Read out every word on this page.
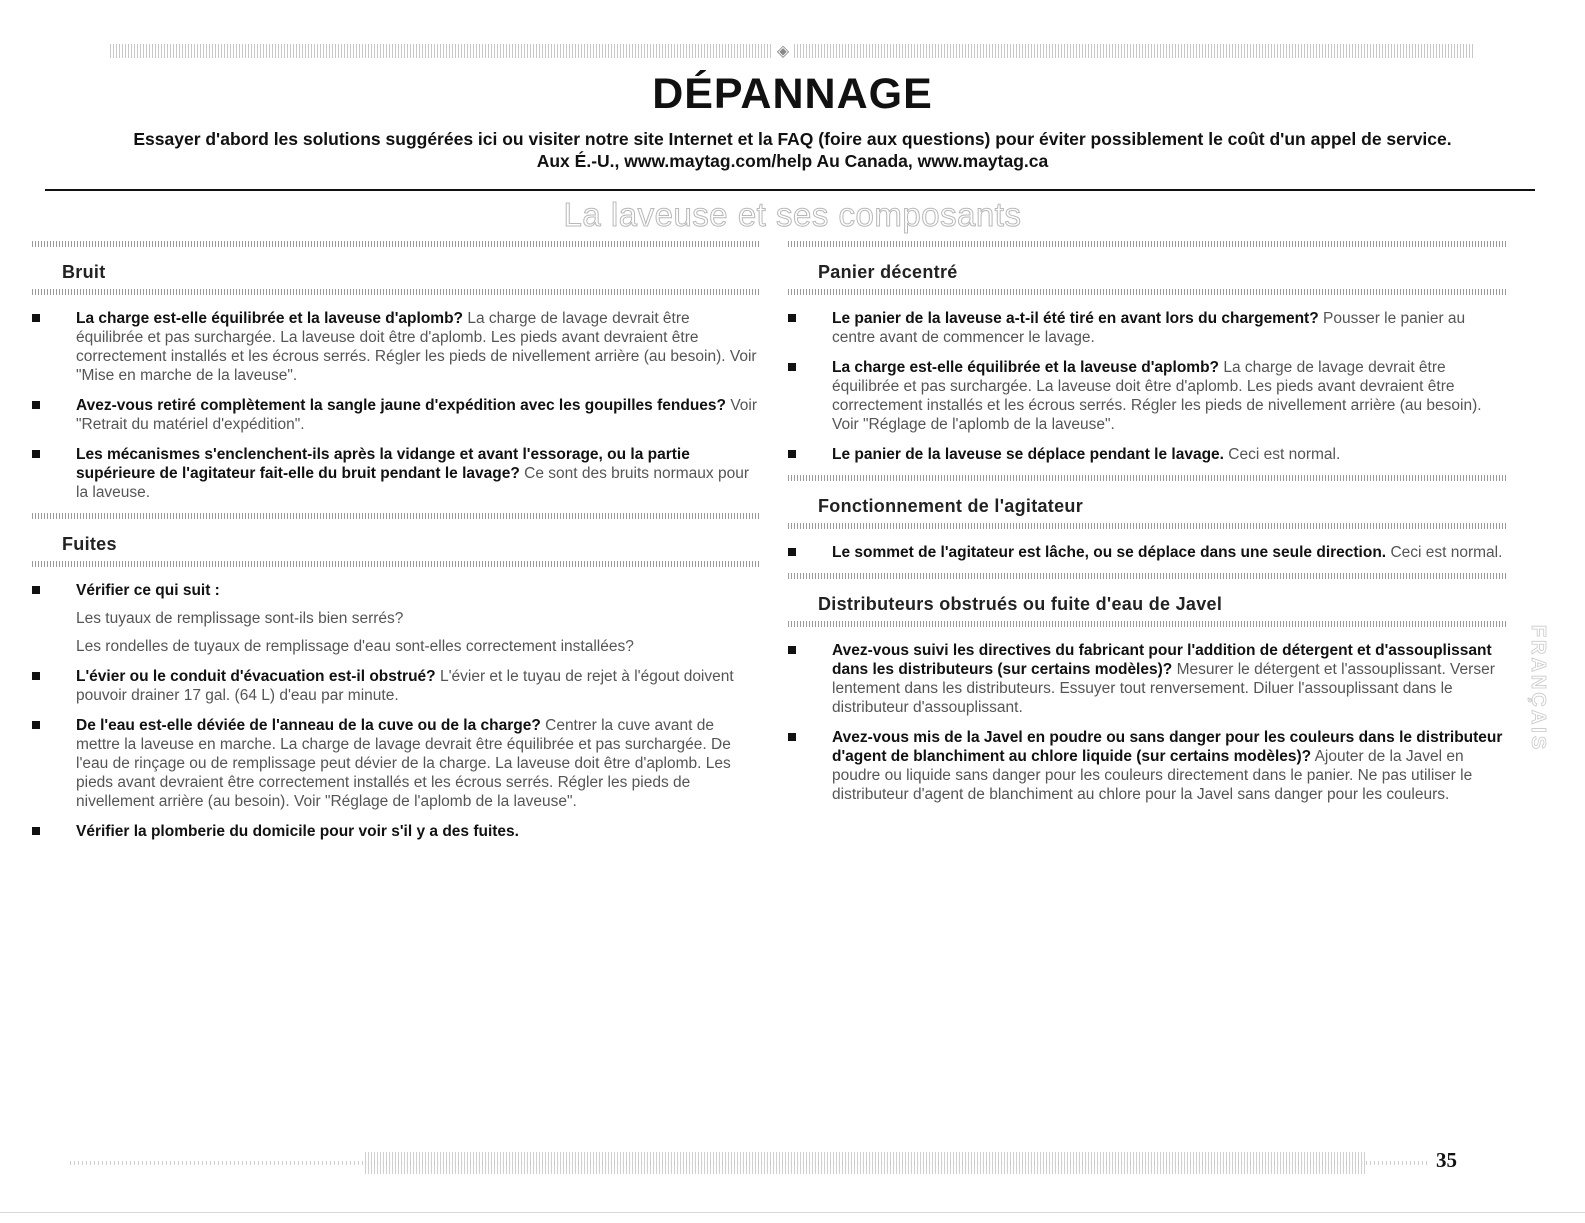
◈
DÉPANNAGE
Essayer d'abord les solutions suggérées ici ou visiter notre site Internet et la FAQ (foire aux questions) pour éviter possiblement le coût d'un appel de service.
Aux É.-U., www.maytag.com/help Au Canada, www.maytag.ca
La laveuse et ses composants
Bruit
La charge est-elle équilibrée et la laveuse d'aplomb? La charge de lavage devrait être équilibrée et pas surchargée. La laveuse doit être d'aplomb. Les pieds avant devraient être correctement installés et les écrous serrés. Régler les pieds de nivellement arrière (au besoin). Voir "Mise en marche de la laveuse".
Avez-vous retiré complètement la sangle jaune d'expédition avec les goupilles fendues? Voir "Retrait du matériel d'expédition".
Les mécanismes s'enclenchent-ils après la vidange et avant l'essorage, ou la partie supérieure de l'agitateur fait-elle du bruit pendant le lavage? Ce sont des bruits normaux pour la laveuse.
Fuites
Vérifier ce qui suit :
Les tuyaux de remplissage sont-ils bien serrés?
Les rondelles de tuyaux de remplissage d'eau sont-elles correctement installées?
L'évier ou le conduit d'évacuation est-il obstrué? L'évier et le tuyau de rejet à l'égout doivent pouvoir drainer 17 gal. (64 L) d'eau par minute.
De l'eau est-elle déviée de l'anneau de la cuve ou de la charge? Centrer la cuve avant de mettre la laveuse en marche. La charge de lavage devrait être équilibrée et pas surchargée. De l'eau de rinçage ou de remplissage peut dévier de la charge. La laveuse doit être d'aplomb. Les pieds avant devraient être correctement installés et les écrous serrés. Régler les pieds de nivellement arrière (au besoin). Voir "Réglage de l'aplomb de la laveuse".
Vérifier la plomberie du domicile pour voir s'il y a des fuites.
Panier décentré
Le panier de la laveuse a-t-il été tiré en avant lors du chargement? Pousser le panier au centre avant de commencer le lavage.
La charge est-elle équilibrée et la laveuse d'aplomb? La charge de lavage devrait être équilibrée et pas surchargée. La laveuse doit être d'aplomb. Les pieds avant devraient être correctement installés et les écrous serrés. Régler les pieds de nivellement arrière (au besoin). Voir "Réglage de l'aplomb de la laveuse".
Le panier de la laveuse se déplace pendant le lavage. Ceci est normal.
Fonctionnement de l'agitateur
Le sommet de l'agitateur est lâche, ou se déplace dans une seule direction. Ceci est normal.
Distributeurs obstrués ou fuite d'eau de Javel
Avez-vous suivi les directives du fabricant pour l'addition de détergent et d'assouplissant dans les distributeurs (sur certains modèles)? Mesurer le détergent et l'assouplissant. Verser lentement dans les distributeurs. Essuyer tout renversement. Diluer l'assouplissant dans le distributeur d'assouplissant.
Avez-vous mis de la Javel en poudre ou sans danger pour les couleurs dans le distributeur d'agent de blanchiment au chlore liquide (sur certains modèles)? Ajouter de la Javel en poudre ou liquide sans danger pour les couleurs directement dans le panier. Ne pas utiliser le distributeur d'agent de blanchiment au chlore pour la Javel sans danger pour les couleurs.
FRANÇAIS
35
